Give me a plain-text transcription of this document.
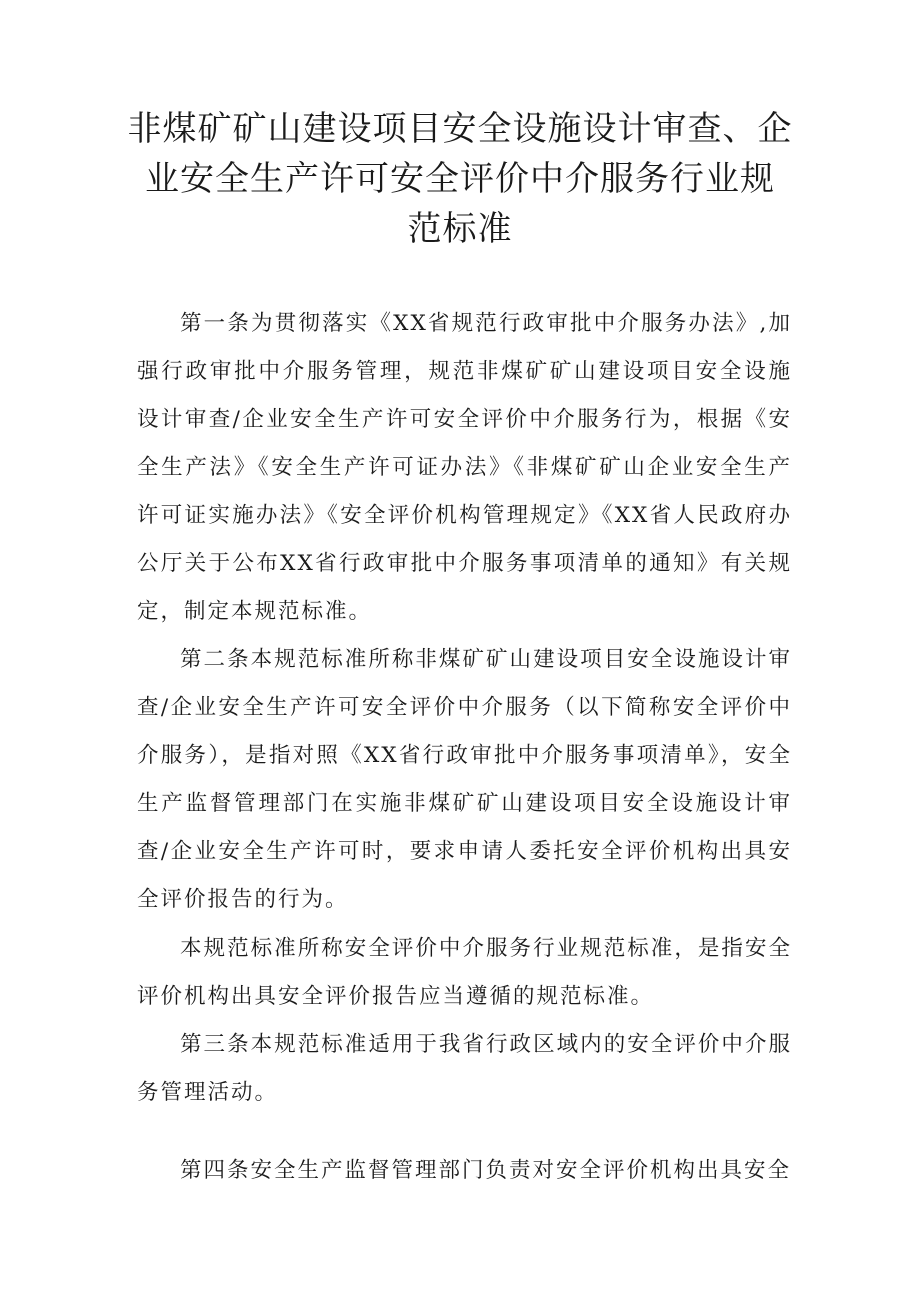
非煤矿矿山建设项目安全设施设计审查、企
业安全生产许可安全评价中介服务行业规
范标准

第一条为贯彻落实《XX省规范行政审批中介服务办法》,加强行政审批中介服务管理，规范非煤矿矿山建设项目安全设施设计审查/企业安全生产许可安全评价中介服务行为，根据《安全生产法》《安全生产许可证办法》《非煤矿矿山企业安全生产许可证实施办法》《安全评价机构管理规定》《XX省人民政府办公厅关于公布XX省行政审批中介服务事项清单的通知》有关规定，制定本规范标准。

第二条本规范标准所称非煤矿矿山建设项目安全设施设计审查/企业安全生产许可安全评价中介服务（以下简称安全评价中介服务），是指对照《XX省行政审批中介服务事项清单》，安全生产监督管理部门在实施非煤矿矿山建设项目安全设施设计审查/企业安全生产许可时，要求申请人委托安全评价机构出具安全评价报告的行为。

本规范标准所称安全评价中介服务行业规范标准，是指安全评价机构出具安全评价报告应当遵循的规范标准。

第三条本规范标准适用于我省行政区域内的安全评价中介服务管理活动。

第四条安全生产监督管理部门负责对安全评价机构出具安全
